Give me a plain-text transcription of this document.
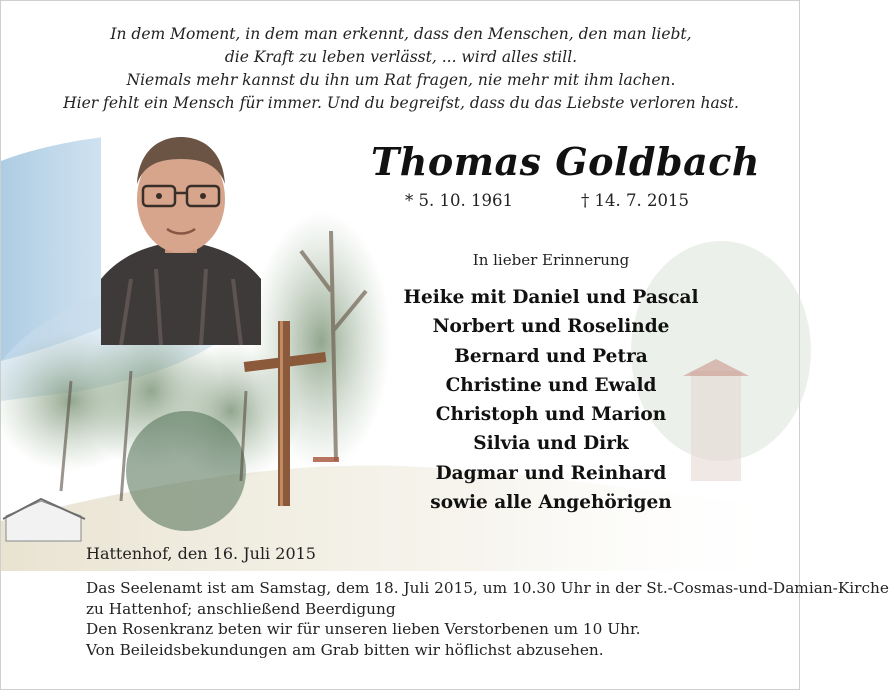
In dem Moment, in dem man erkennt, dass den Menschen, den man liebt,
die Kraft zu leben verlässt, ... wird alles still.
Niemals mehr kannst du ihn um Rat fragen, nie mehr mit ihm lachen.
Hier fehlt ein Mensch für immer. Und du begreifst, dass du das Liebste verloren hast.
Thomas Goldbach
* 5. 10. 1961	† 14. 7. 2015
In lieber Erinnerung
Heike mit Daniel und Pascal
Norbert und Roselinde
Bernard und Petra
Christine und Ewald
Christoph und Marion
Silvia und Dirk
Dagmar und Reinhard
sowie alle Angehörigen
Hattenhof, den 16. Juli 2015
Das Seelenamt ist am Samstag, dem 18. Juli 2015, um 10.30 Uhr in der St.-Cosmas-und-Damian-Kirche
zu Hattenhof; anschließend Beerdigung
Den Rosenkranz beten wir für unseren lieben Verstorbenen um 10 Uhr.
Von Beileidsbekundungen am Grab bitten wir höflichst abzusehen.
